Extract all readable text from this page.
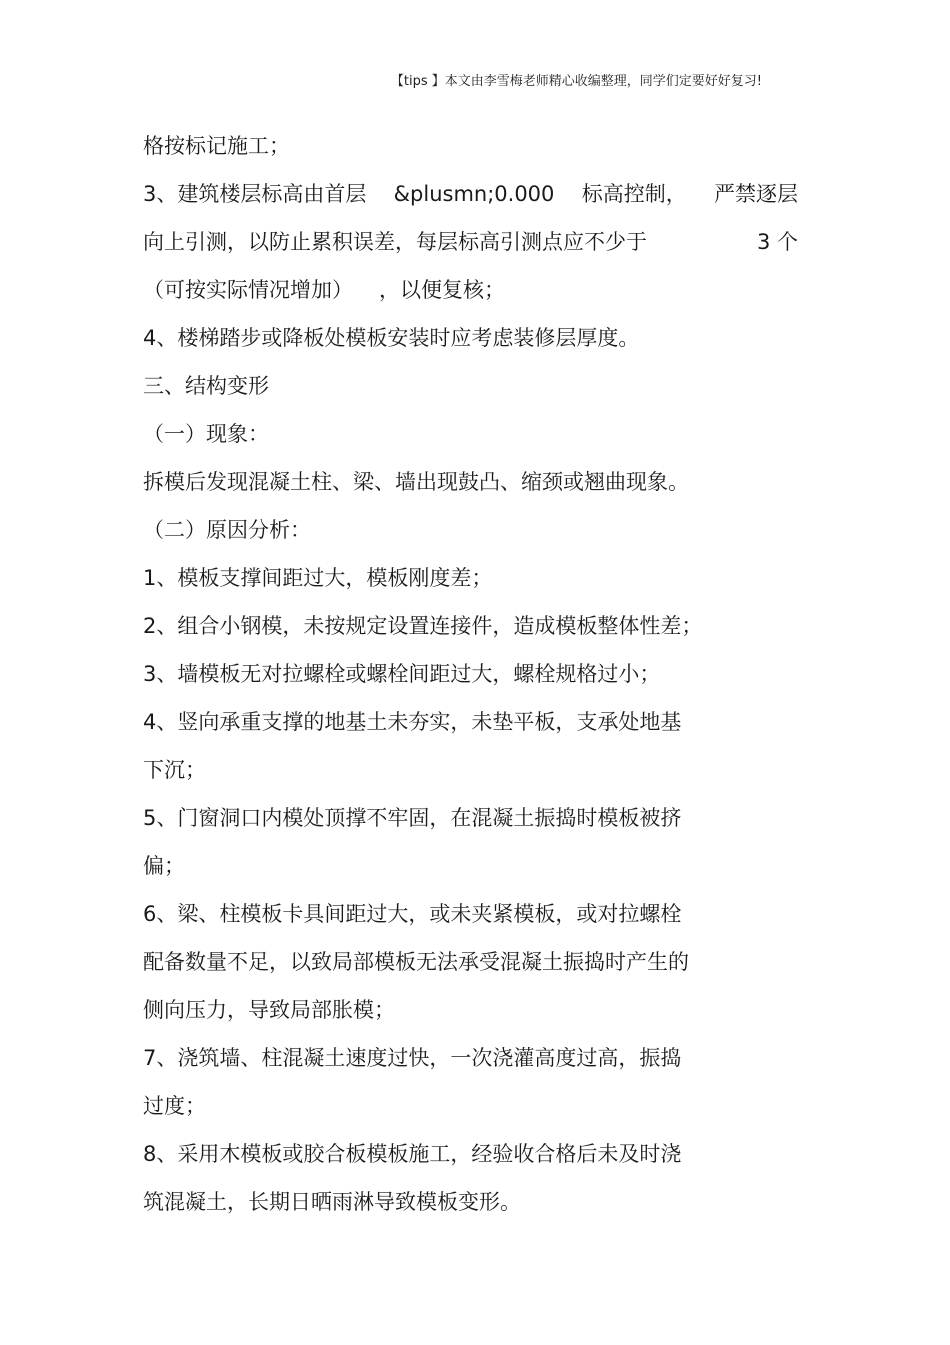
【tips 】本文由李雪梅老师精心收编整理，同学们定要好好复习!

格按标记施工；

3、建筑楼层标高由首层 &plusmn;0.000 标高控制， 严禁逐层

向上引测，以防止累积误差，每层标高引测点应不少于	3 个

（可按实际情况增加） ，以便复核；

4、楼梯踏步或降板处模板安装时应考虑装修层厚度。

三、结构变形

（一）现象：

拆模后发现混凝土柱、梁、墙出现鼓凸、缩颈或翘曲现象。

（二）原因分析：

1、模板支撑间距过大，模板刚度差；

2、组合小钢模，未按规定设置连接件，造成模板整体性差；

3、墙模板无对拉螺栓或螺栓间距过大，螺栓规格过小；

4、竖向承重支撑的地基土未夯实，未垫平板，支承处地基

下沉；

5、门窗洞口内模处顶撑不牢固，在混凝土振捣时模板被挤

偏；

6、梁、柱模板卡具间距过大，或未夹紧模板，或对拉螺栓

配备数量不足，以致局部模板无法承受混凝土振捣时产生的

侧向压力，导致局部胀模；

7、浇筑墙、柱混凝土速度过快，一次浇灌高度过高，振捣

过度；

8、采用木模板或胶合板模板施工，经验收合格后未及时浇

筑混凝土，长期日晒雨淋导致模板变形。
